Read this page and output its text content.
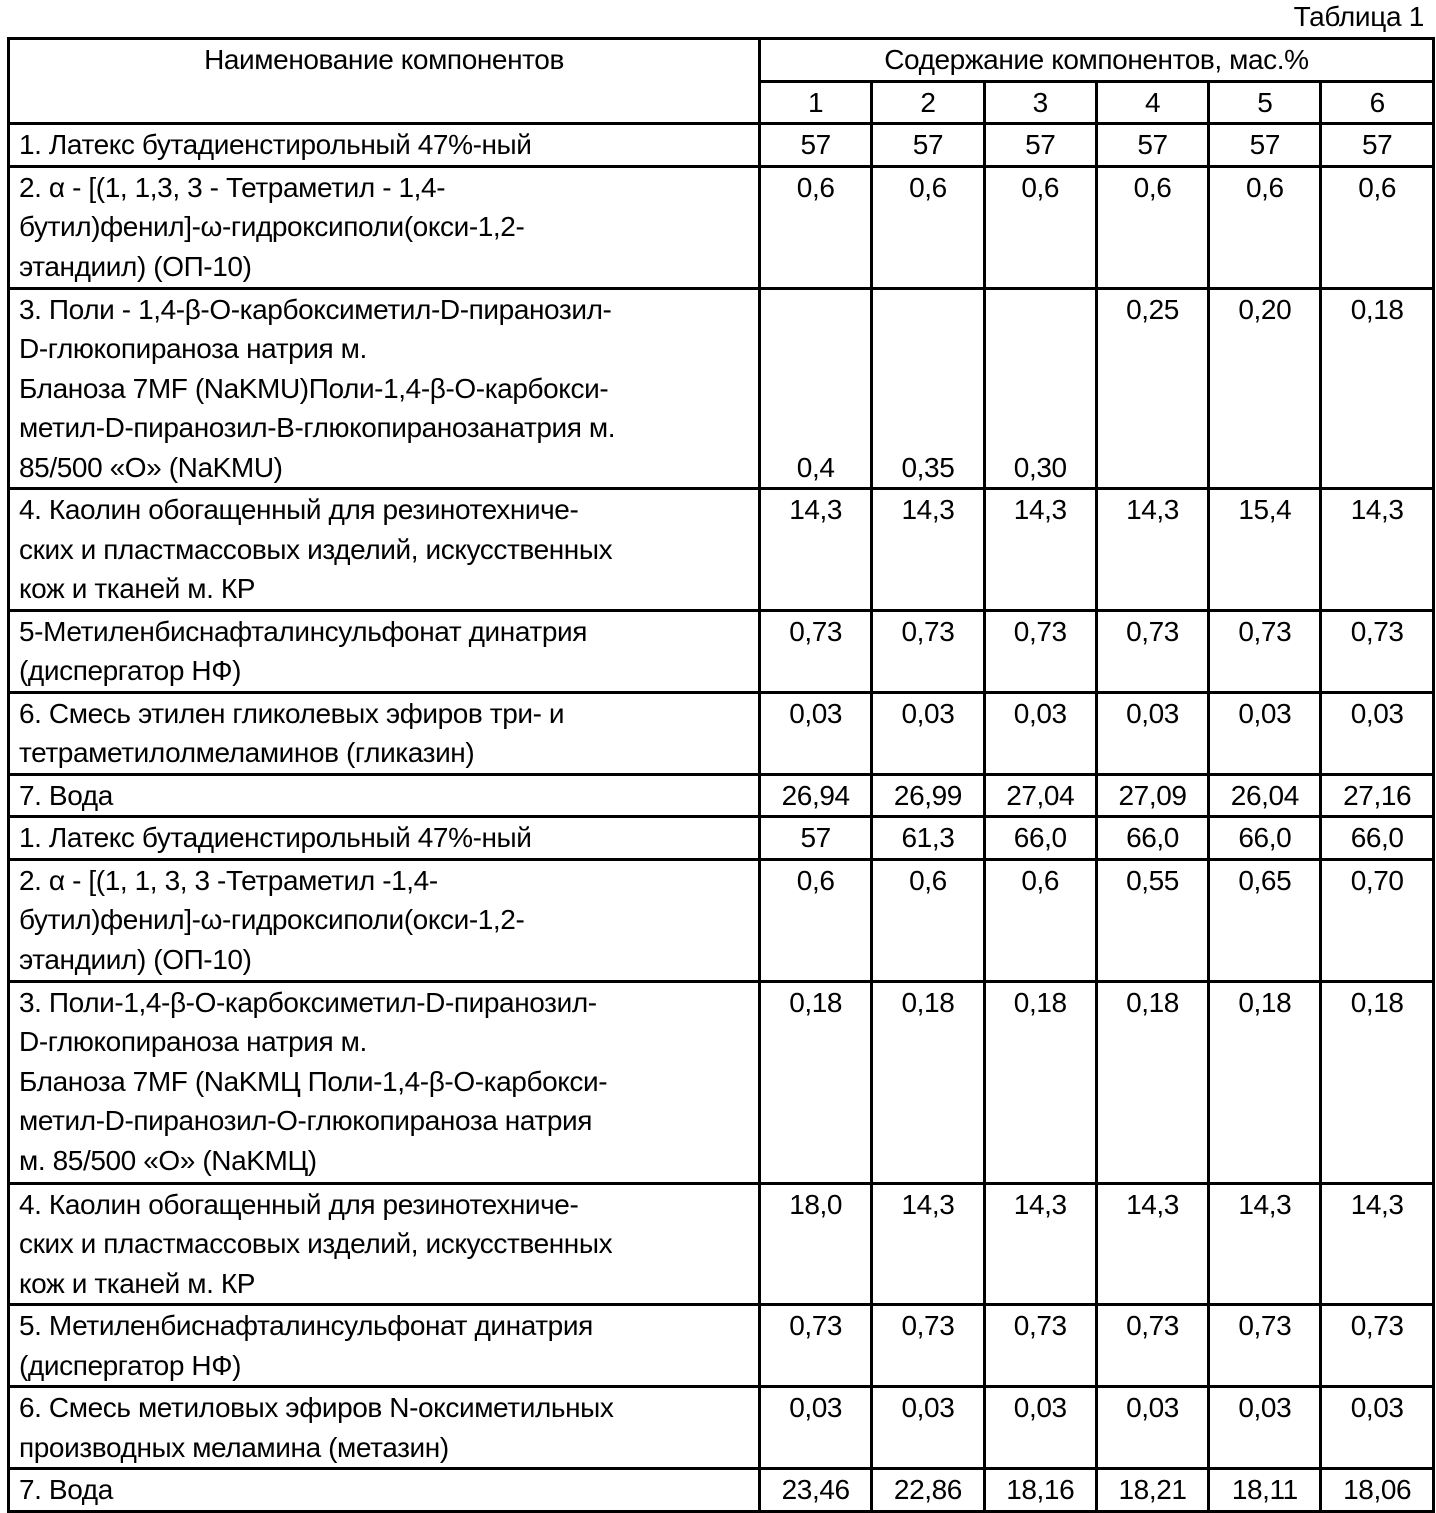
Таблица 1
Наименование компонентов	Содержание компонентов, мас.%
1	2	3	4	5	6

1. Латекс бутадиенстирольный 47%-ный	57	57	57	57	57	57

2. α - [(1, 1,3, 3 - Тетраметил - 1,4-
бутил)фенил]-ω-гидроксиполи(окси-1,2-
этандиил) (ОП-10)
	0,6	0,6	0,6	0,6	0,6	0,6

3. Поли - 1,4-β-О-карбоксиметил-D-пиранозил-
D-глюкопираноза натрия м.
Бланоза 7MF (NaKMU)Поли-1,4-β-О-карбокси-
метил-D-пиранозил-В-глюкопиранозанатрия м.
85/500 «О» (NaKMU)	0,4	0,35	0,30	0,25	0,20	0,18

4. Каолин обогащенный для резинотехниче-
ских и пластмассовых изделий, искусственных
кож и тканей м. КР
	14,3	14,3	14,3	14,3	15,4	14,3

5-Метиленбиснафталинсульфонат динатрия
(диспергатор НФ)
	0,73	0,73	0,73	0,73	0,73	0,73

6. Смесь этилен гликолевых эфиров три- и
тетраметилолмеламинов (гликазин)
	0,03	0,03	0,03	0,03	0,03	0,03

7. Вода	26,94	26,99	27,04	27,09	26,04	27,16

1. Латекс бутадиенстирольный 47%-ный	57	61,3	66,0	66,0	66,0	66,0

2. α - [(1, 1, 3, 3 -Тетраметил -1,4-
бутил)фенил]-ω-гидроксиполи(окси-1,2-
этандиил) (ОП-10)
	0,6	0,6	0,6	0,55	0,65	0,70

3. Поли-1,4-β-О-карбоксиметил-D-пиранозил-
D-глюкопираноза натрия м.
Бланоза 7MF (NaKMЦ Поли-1,4-β-О-карбокси-
метил-D-пиранозил-О-глюкопираноза натрия
м. 85/500 «О» (NaKMЦ)
	0,18	0,18	0,18	0,18	0,18	0,18

4. Каолин обогащенный для резинотехниче-
ских и пластмассовых изделий, искусственных
кож и тканей м. КР
	18,0	14,3	14,3	14,3	14,3	14,3

5. Метиленбиснафталинсульфонат динатрия
(диспергатор НФ)
	0,73	0,73	0,73	0,73	0,73	0,73

6. Смесь метиловых эфиров N-оксиметильных
производных меламина (метазин)
	0,03	0,03	0,03	0,03	0,03	0,03

7. Вода	23,46	22,86	18,16	18,21	18,11	18,06
